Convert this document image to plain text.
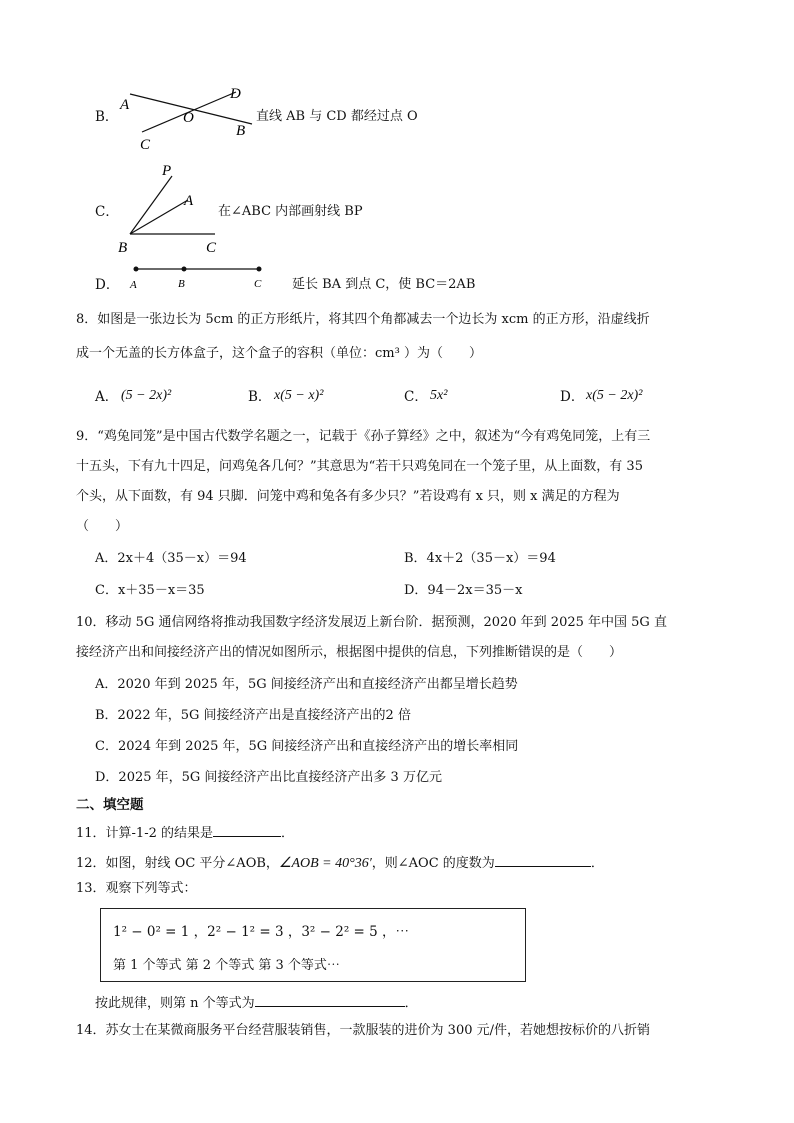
B．
A
D
O
B
C
直线 AB 与 CD 都经过点 O
C．
P
A
B	C
在∠ABC 内部画射线 BP
D． A	B	C 延长 BA 到点 C，使 BC＝2AB
8．如图是一张边长为 5cm 的正方形纸片，将其四个角都减去一个边长为 xcm 的正方形，沿虚线折
成一个无盖的长方体盒子，这个盒子的容积（单位：cm³ ）为（　　）
A． (5 − 2x)²	B． x(5 − x)²	C． 5x²	D． x(5 − 2x)²
9．“鸡兔同笼”是中国古代数学名题之一，记载于《孙子算经》之中，叙述为“今有鸡兔同笼，上有三
十五头，下有九十四足，问鸡兔各几何？”其意思为“若干只鸡兔同在一个笼子里，从上面数，有 35
个头，从下面数，有 94 只脚．问笼中鸡和兔各有多少只？”若设鸡有 x 只，则 x 满足的方程为
（　　）
A．2x＋4（35－x）＝94	B．4x＋2（35－x）＝94
C．x＋35－x＝35	D．94－2x＝35－x
10．移动 5G 通信网络将推动我国数字经济发展迈上新台阶．据预测，2020 年到 2025 年中国 5G 直
接经济产出和间接经济产出的情况如图所示，根据图中提供的信息，下列推断错误的是（　　）
A．2020 年到 2025 年，5G 间接经济产出和直接经济产出都呈增长趋势
B．2022 年，5G 间接经济产出是直接经济产出的2 倍
C．2024 年到 2025 年，5G 间接经济产出和直接经济产出的增长率相同
D．2025 年，5G 间接经济产出比直接经济产出多 3 万亿元
二、填空题
11．计算-1-2 的结果是	．
12．如图，射线 OC 平分∠AOB，∠AOB = 40°36′，则∠AOC 的度数为	．
13．观察下列等式：
1² − 0² = 1 ，2² − 1² = 3 ，3² − 2² = 5 ，⋯
第 1 个等式 第 2 个等式 第 3 个等式⋯
按此规律，则第 n 个等式为	．
14．苏女士在某微商服务平台经营服装销售，一款服装的进价为 300 元/件，若她想按标价的八折销
